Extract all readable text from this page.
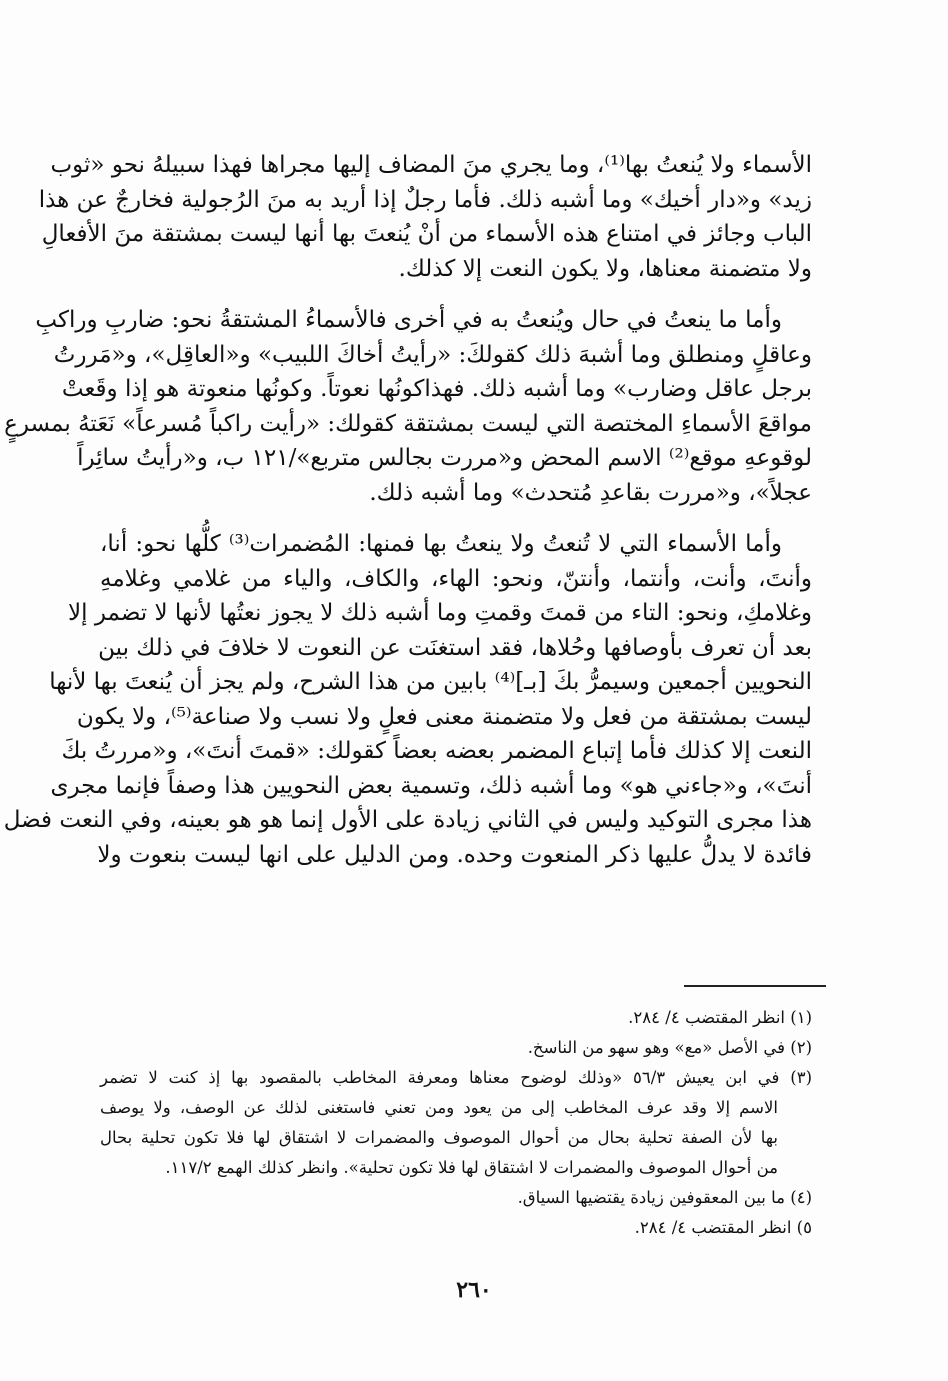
الأسماء ولا يُنعتُ بها⁽¹⁾، وما يجري منَ المضاف إليها مجراها فهذا سبيلهُ نحو «ثوب
زيد» و«دار أخيك» وما أشبه ذلك. فأما رجلٌ إذا أريد به منَ الرُجولية فخارجٌ عن هذا
الباب وجائز في امتناع هذه الأسماء من أنْ يُنعتَ بها أنها ليست بمشتقة منَ الأفعالِ
ولا متضمنة معناها، ولا يكون النعت إلا كذلك.
وأما ما ينعتُ في حال ويُنعتُ به في أخرى فالأسماءُ المشتقةُ نحو: ضاربِ وراكبِ
وعاقلٍ ومنطلق وما أشبهَ ذلك كقولكَ: «رأيتُ أخاكَ اللبيب» و«العاقِل»، و«مَررتُ
برجل عاقل وضارب» وما أشبه ذلك. فهذاكونُها نعوتاً. وكونُها منعوتة هو إذا وقَعتْ
مواقعَ الأسماءِ المختصة التي ليست بمشتقة كقولك: «رأيت راكباً مُسرعاً» نَعَتهُ بمسرعٍ
لوقوعهِ موقع⁽²⁾ الاسم المحض و«مررت بجالس متربع»/١٢١ ب، و«رأيتُ سائِراً
عجلاً»، و«مررت بقاعدِ مُتحدث» وما أشبه ذلك.
وأما الأسماء التي لا تُنعتُ ولا ينعتُ بها فمنها: المُضمرات⁽³⁾ كلُّها نحو: أنا،
وأنتَ، وأنت، وأنتما، وأنتنّ، ونحو: الهاء، والكاف، والياء من غلامي وغلامهِ
وغلامكِ، ونحو: التاء من قمتَ وقمتِ وما أشبه ذلك لا يجوز نعتُها لأنها لا تضمر إلا
بعد أن تعرف بأوصافها وحُلاها، فقد استغنَت عن النعوت لا خلافَ في ذلك بين
النحويين أجمعين وسيمرُّ بكَ [بـ]⁽⁴⁾ بابين من هذا الشرح، ولم يجز أن يُنعتَ بها لأنها
ليست بمشتقة من فعل ولا متضمنة معنى فعلٍ ولا نسب ولا صناعة⁽⁵⁾، ولا يكون
النعت إلا كذلك فأما إتباع المضمر بعضه بعضاً كقولك: «قمتَ أنتَ»، و«مررتُ بكَ
أنتَ»، و«جاءني هو» وما أشبه ذلك، وتسمية بعض النحويين هذا وصفاً فإنما مجرى
هذا مجرى التوكيد وليس في الثاني زيادة على الأول إنما هو هو بعينه، وفي النعت فضل
فائدة لا يدلُّ عليها ذكر المنعوت وحده. ومن الدليل على انها ليست بنعوت ولا
(١) انظر المقتضب ٤/ ٢٨٤.
(٢) في الأصل «مع» وهو سهو من الناسخ.
(٣) في ابن يعيش ٥٦/٣ «وذلك لوضوح معناها ومعرفة المخاطب بالمقصود بها إذ كنت لا تضمر
الاسم إلا وقد عرف المخاطب إلى من يعود ومن تعني فاستغنى لذلك عن الوصف، ولا يوصف
بها لأن الصفة تحلية بحال من أحوال الموصوف والمضمرات لا اشتقاق لها فلا تكون تحلية بحال
من أحوال الموصوف والمضمرات لا اشتقاق لها فلا تكون تحلية». وانظر كذلك الهمع ١١٧/٢.
(٤) ما بين المعقوفين زيادة يقتضيها السياق.
٥) انظر المقتضب ٤/ ٢٨٤.
٢٦٠
